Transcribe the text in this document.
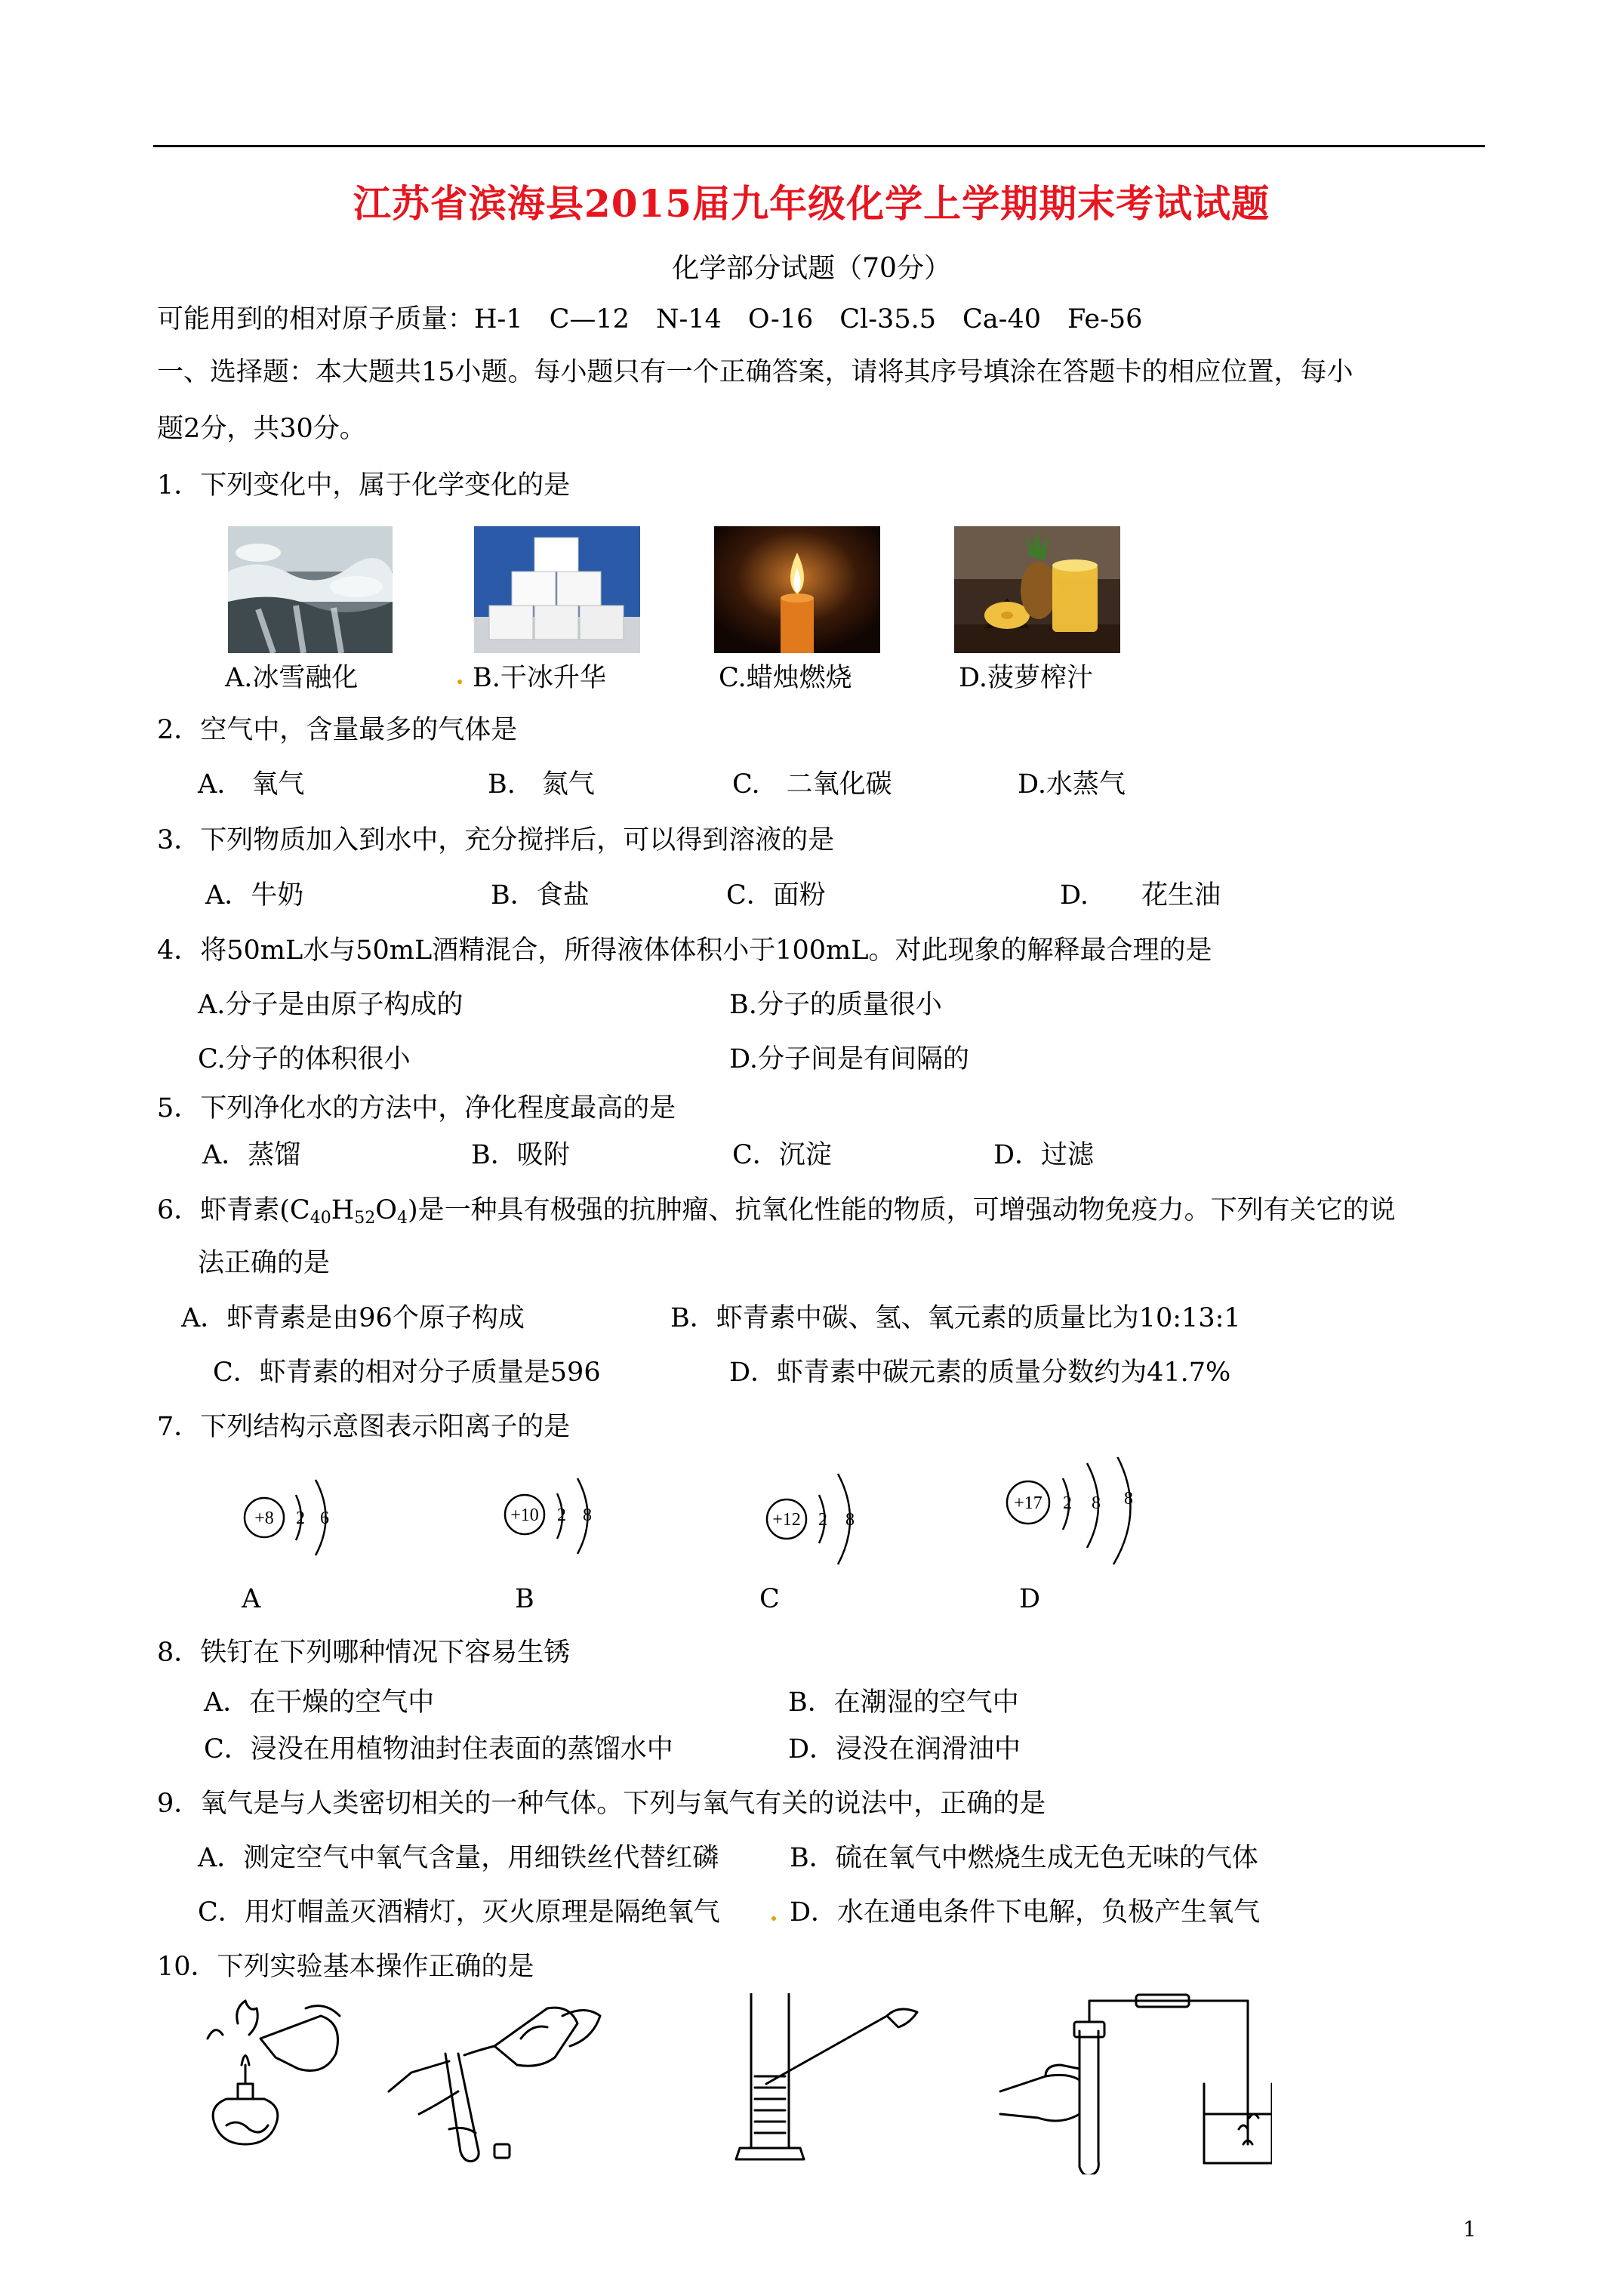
江苏省滨海县2015届九年级化学上学期期末考试试题
化学部分试题（70分）
可能用到的相对原子质量：H-1　C—12　N-14　O-16　Cl-35.5　Ca-40　Fe-56
一、选择题：本大题共15小题。每小题只有一个正确答案，请将其序号填涂在答题卡的相应位置，每小
题2分，共30分。
1．下列变化中，属于化学变化的是
A.冰雪融化	B.干冰升华	C.蜡烛燃烧	D.菠萝榨汁
2．空气中，含量最多的气体是
A.　氧气	B.　氮气	C.　二氧化碳	D.水蒸气
3．下列物质加入到水中，充分搅拌后，可以得到溶液的是
A．牛奶	B．食盐	C．面粉	D.　　花生油
4．将50mL水与50mL酒精混合，所得液体体积小于100mL。对此现象的解释最合理的是
A.分子是由原子构成的	B.分子的质量很小
C.分子的体积很小	D.分子间是有间隔的
5．下列净化水的方法中，净化程度最高的是
A．蒸馏	B．吸附	C．沉淀	D．过滤
6．虾青素$(C_{40}H_{52}O_4)$是一种具有极强的抗肿瘤、抗氧化性能的物质，可增强动物免疫力。下列有关它的说
法正确的是
A．虾青素是由96个原子构成	B．虾青素中碳、氢、氧元素的质量比为10:13:1
C．虾青素的相对分子质量是596	D．虾青素中碳元素的质量分数约为41.7%
7．下列结构示意图表示阳离子的是
+8 2 6	+10 2 8	+12 2 8
+17 2 8 8
A	B	C	D
8．铁钉在下列哪种情况下容易生锈
A．在干燥的空气中	B．在潮湿的空气中
C．浸没在用植物油封住表面的蒸馏水中	D．浸没在润滑油中
9．氧气是与人类密切相关的一种气体。下列与氧气有关的说法中，正确的是
A．测定空气中氧气含量，用细铁丝代替红磷	B．硫在氧气中燃烧生成无色无味的气体
C．用灯帽盖灭酒精灯，灭火原理是隔绝氧气	D．水在通电条件下电解，负极产生氧气
10．下列实验基本操作正确的是
1
